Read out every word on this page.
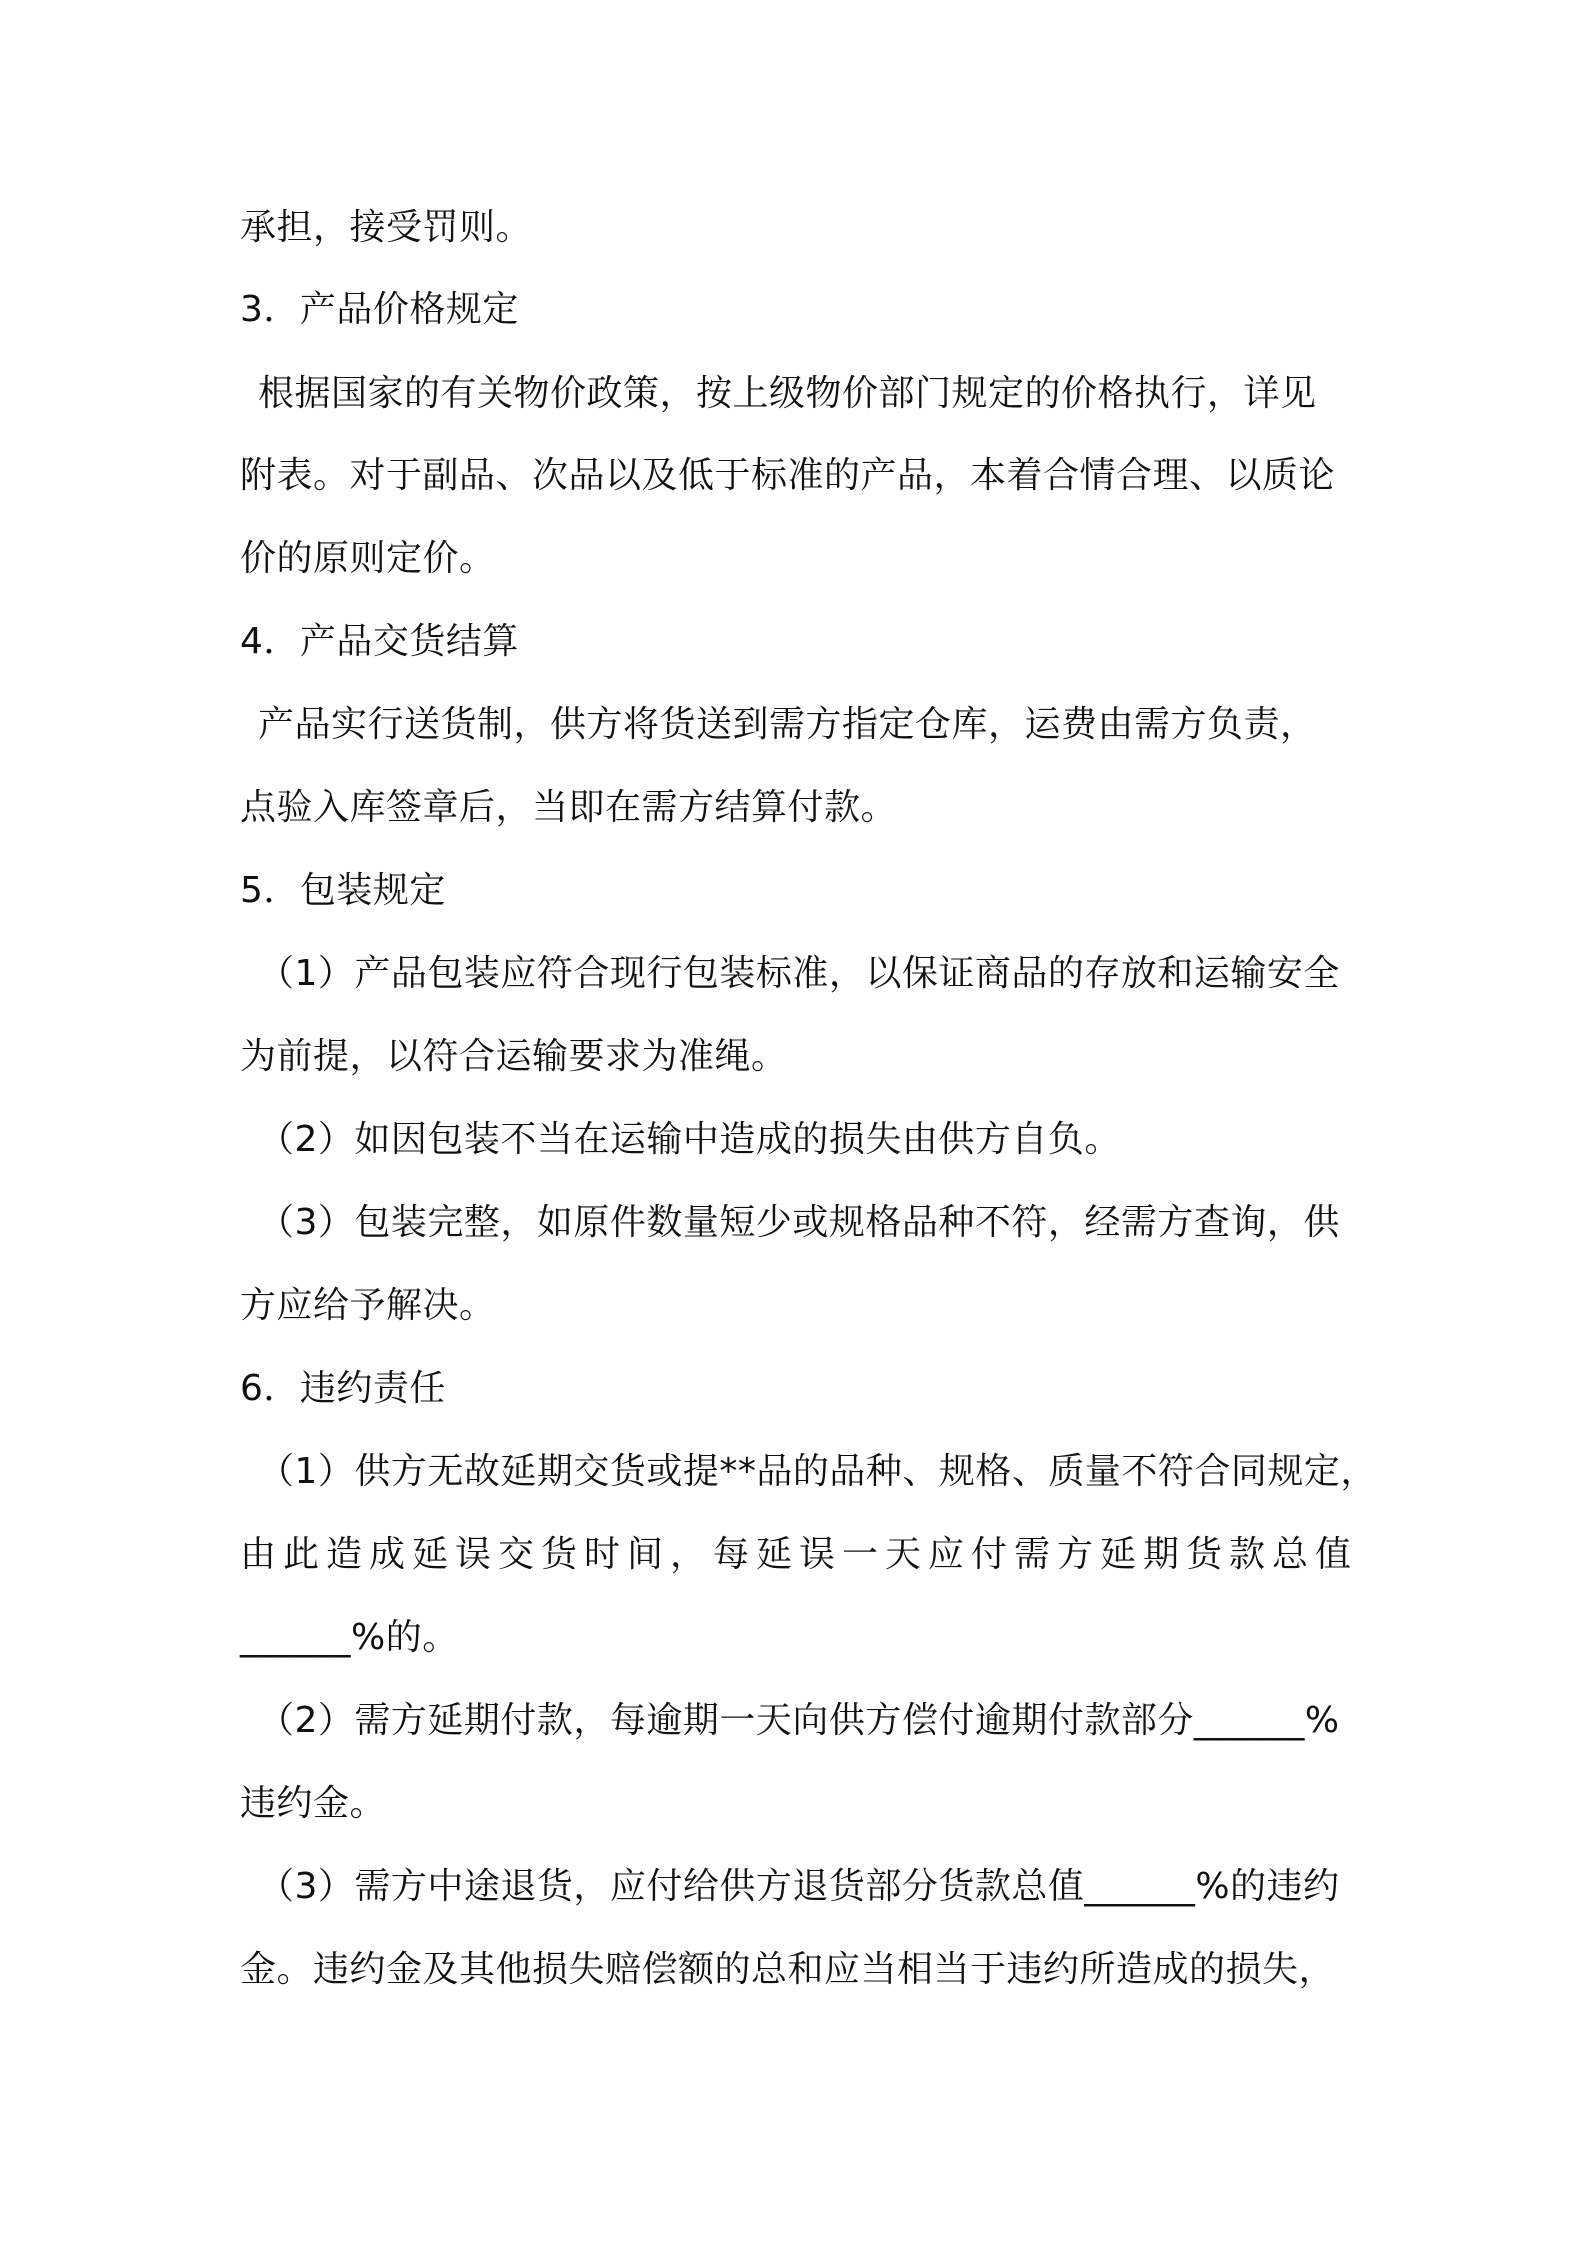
承担，接受罚则。
3．产品价格规定
根据国家的有关物价政策，按上级物价部门规定的价格执行，详见
附表。对于副品、次品以及低于标准的产品，本着合情合理、以质论
价的原则定价。
4．产品交货结算
产品实行送货制，供方将货送到需方指定仓库，运费由需方负责，
点验入库签章后，当即在需方结算付款。
5．包装规定
（1）产品包装应符合现行包装标准，以保证商品的存放和运输安全
为前提，以符合运输要求为准绳。
（2）如因包装不当在运输中造成的损失由供方自负。
（3）包装完整，如原件数量短少或规格品种不符，经需方查询，供
方应给予解决。
6．违约责任
（1）供方无故延期交货或提**品的品种、规格、质量不符合同规定，
由此造成延误交货时间，每延误一天应付需方延期货款总值
______%的。
（2）需方延期付款，每逾期一天向供方偿付逾期付款部分______%
违约金。
（3）需方中途退货，应付给供方退货部分货款总值______%的违约
金。违约金及其他损失赔偿额的总和应当相当于违约所造成的损失，
